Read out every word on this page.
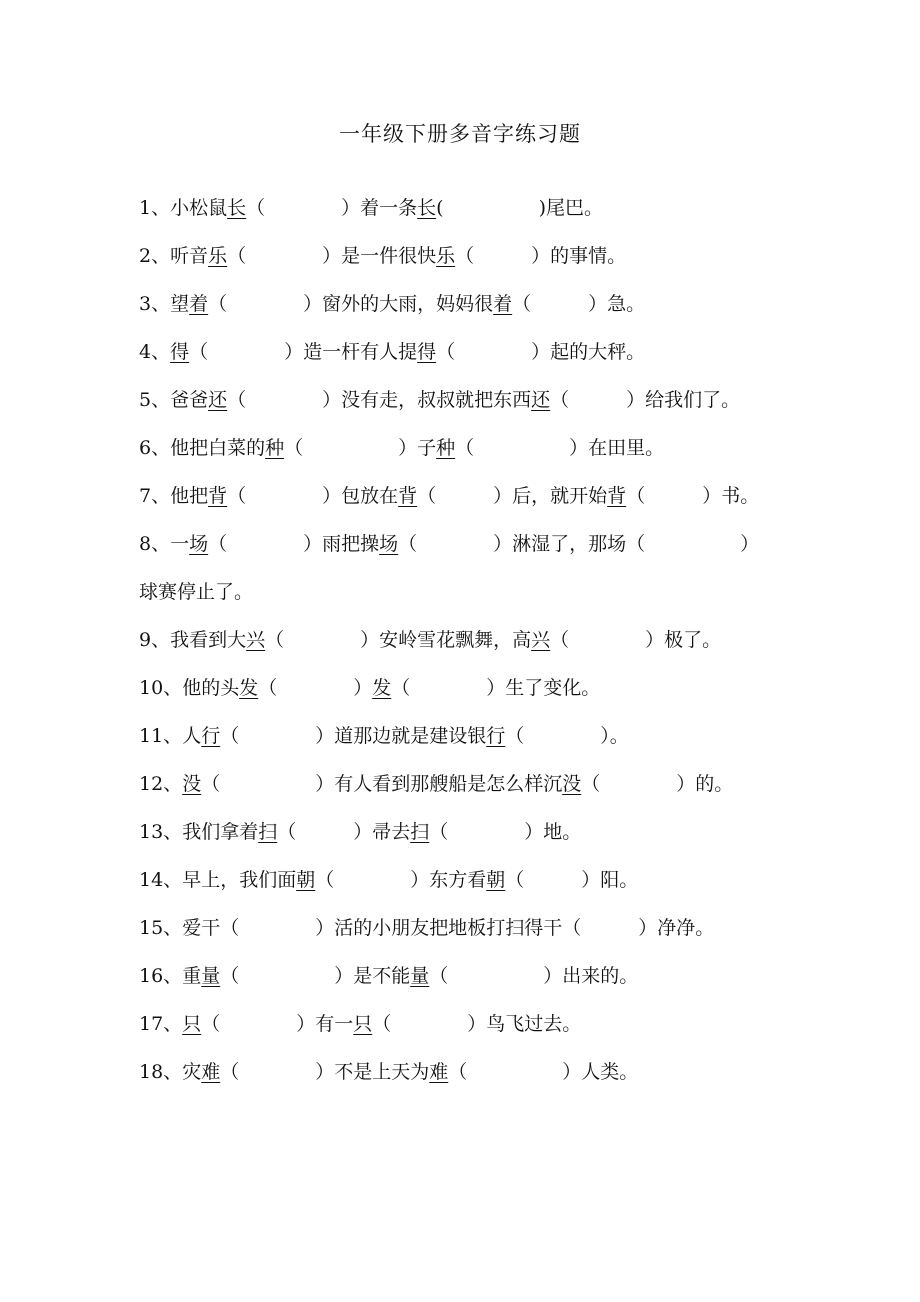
一年级下册多音字练习题
1、小松鼠长（　　　　）着一条长(　　　　　)尾巴。
2、听音乐（　　　　）是一件很快乐（　　　）的事情。
3、望着（　　　　）窗外的大雨，妈妈很着（　　　）急。
4、得（　　　　）造一杆有人提得（　　　　）起的大秤。
5、爸爸还（　　　　）没有走，叔叔就把东西还（　　　）给我们了。
6、他把白菜的种（　　　　　）子种（　　　　　）在田里。
7、他把背（　　　　）包放在背（　　　）后，就开始背（　　　）书。
8、一场（　　　　）雨把操场（　　　　）淋湿了，那场（　　　　　）
球赛停止了。
9、我看到大兴（　　　　）安岭雪花飘舞，高兴（　　　　）极了。
10、他的头发（　　　　）发（　　　　）生了变化。
11、人行（　　　　）道那边就是建设银行（　　　　）。
12、没（　　　　　）有人看到那艘船是怎么样沉没（　　　　）的。
13、我们拿着扫（　　　）帚去扫（　　　　）地。
14、早上，我们面朝（　　　　）东方看朝（　　　）阳。
15、爱干（　　　　）活的小朋友把地板打扫得干（　　　）净净。
16、重量（　　　　　）是不能量（　　　　　）出来的。
17、只（　　　　）有一只（　　　　）鸟飞过去。
18、灾难（　　　　）不是上天为难（　　　　　）人类。
